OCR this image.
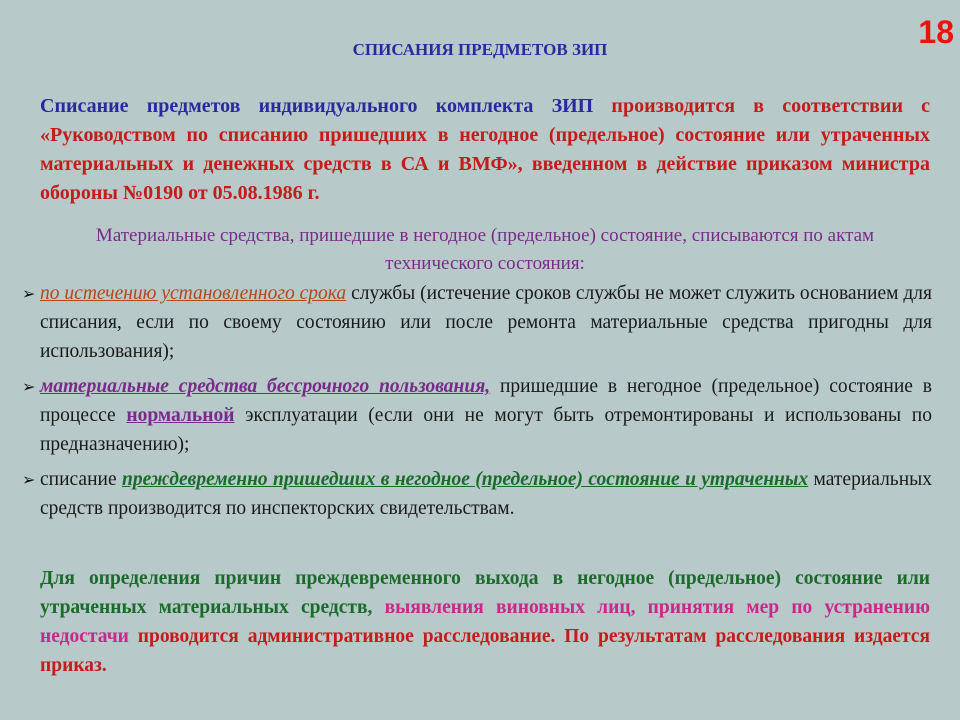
18
СПИСАНИЯ ПРЕДМЕТОВ ЗИП
Списание предметов индивидуального комплекта ЗИП производится в соответствии с «Руководством по списанию пришедших в негодное (предельное) состояние или утраченных материальных и денежных средств в СА и ВМФ», введенном в действие приказом министра обороны №0190 от 05.08.1986 г.
Материальные средства, пришедшие в негодное (предельное) состояние, списываются по актам технического состояния:
➢ по истечению установленного срока службы (истечение сроков службы не может служить основанием для списания, если по своему состоянию или после ремонта материальные средства пригодны для использования);
➢ материальные средства бессрочного пользования, пришедшие в негодное (предельное) состояние в процессе нормальной эксплуатации (если они не могут быть отремонтированы и использованы по предназначению);
➢ списание преждевременно пришедших в негодное (предельное) состояние и утраченных материальных средств производится по инспекторских свидетельствам.
Для определения причин преждевременного выхода в негодное (предельное) состояние или утраченных материальных средств, выявления виновных лиц, принятия мер по устранению недостачи проводится административное расследование. По результатам расследования издается приказ.
